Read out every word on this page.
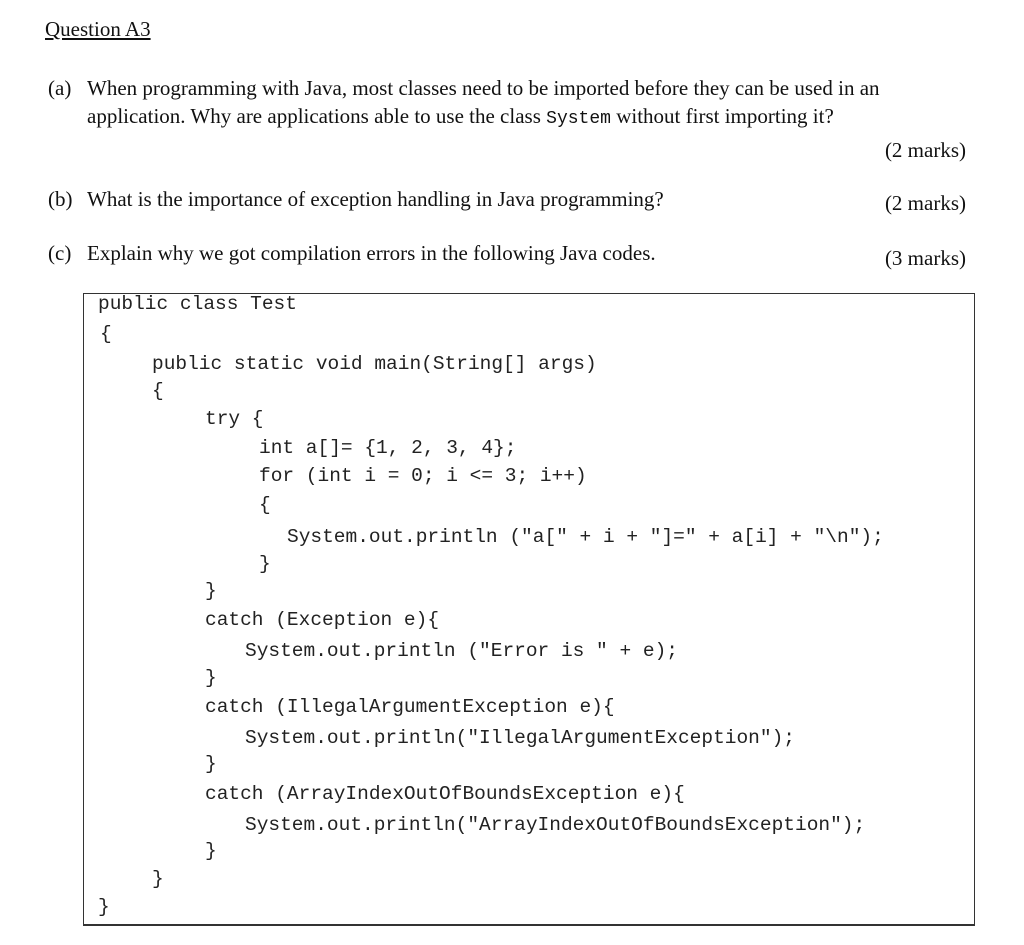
Question A3
(a) When programming with Java, most classes need to be imported before they can be used in an
application. Why are applications able to use the class System without first importing it?
(2 marks)
(b) What is the importance of exception handling in Java programming?	(2 marks)
(c) Explain why we got compilation errors in the following Java codes.	(3 marks)
public class Test
{
public static void main(String[] args)
{
try {
int a[]= {1, 2, 3, 4};
for (int i = 0; i <= 3; i++)
{
System.out.println ("a[" + i + "]=" + a[i] + "\n");
}
}
catch (Exception e){
System.out.println ("Error is " + e);
}
catch (IllegalArgumentException e){
System.out.println("IllegalArgumentException");
}
catch (ArrayIndexOutOfBoundsException e){
System.out.println("ArrayIndexOutOfBoundsException");
}
}
}
